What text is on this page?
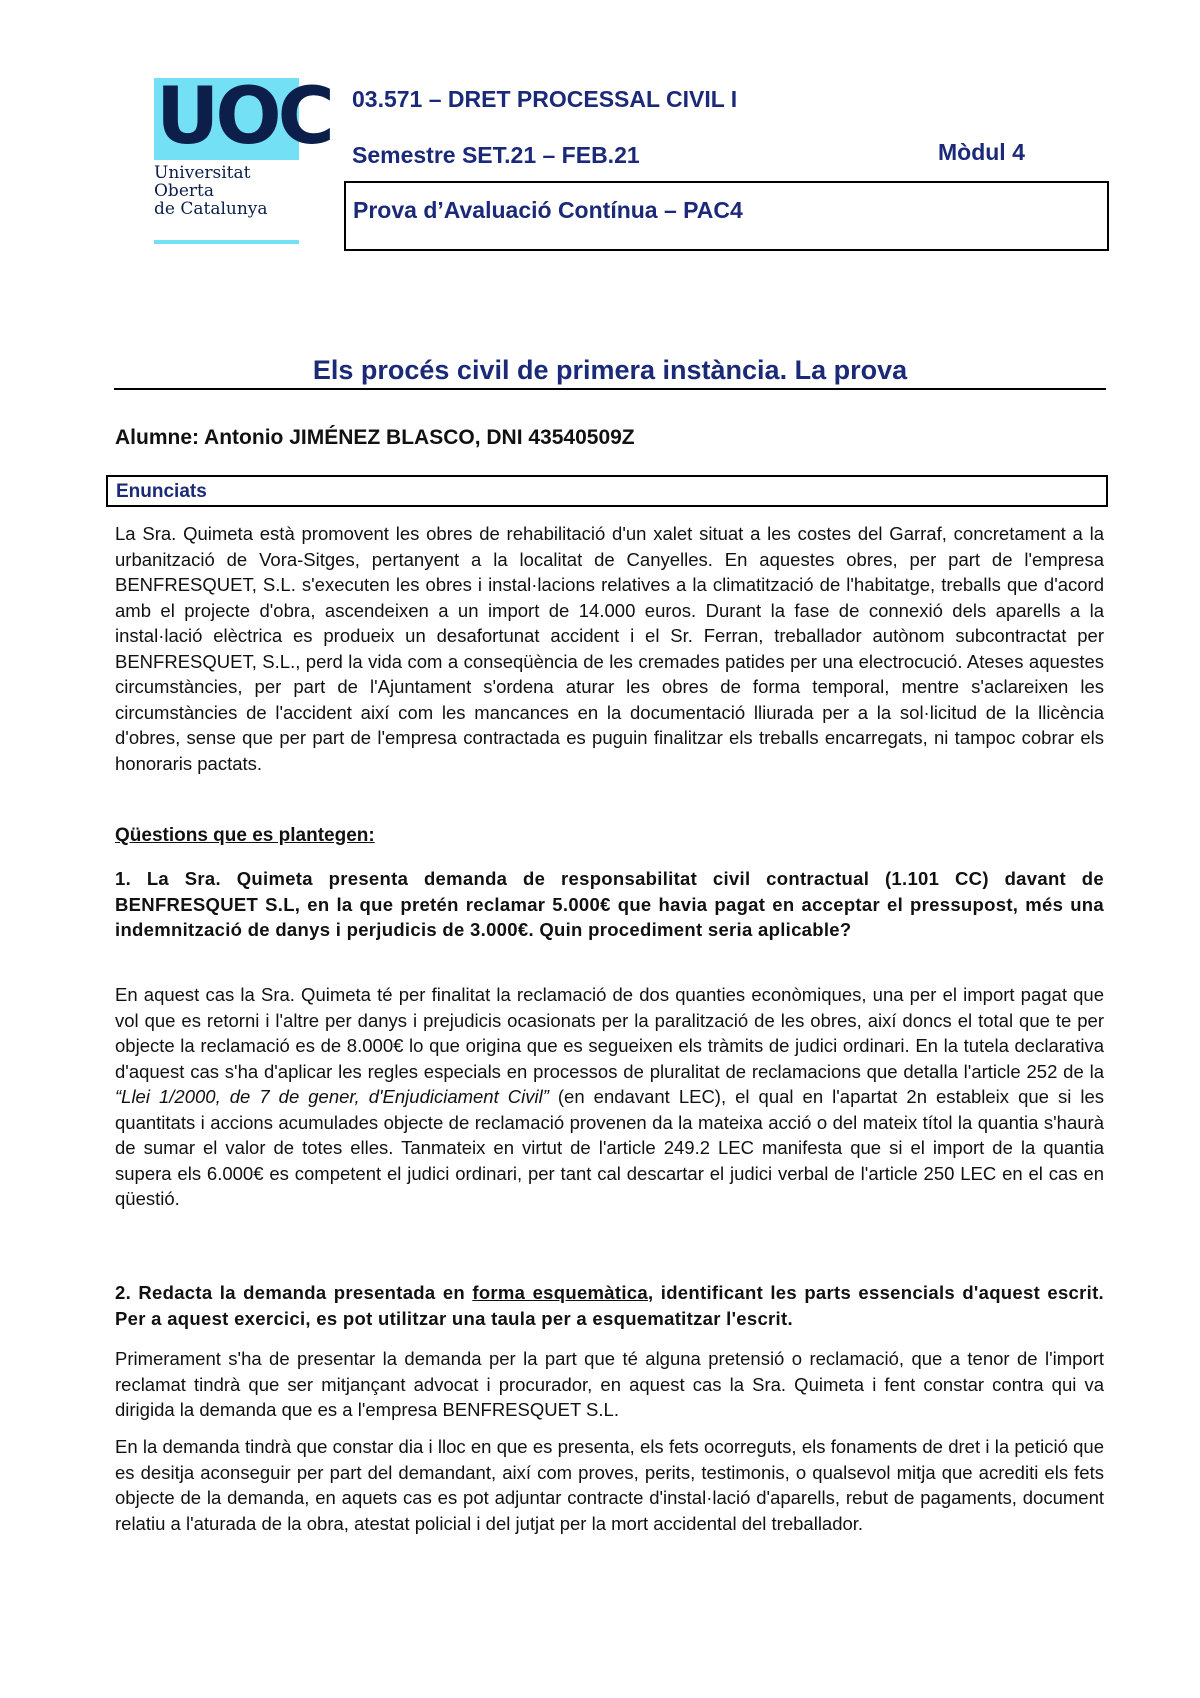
UOC
Universitat
Oberta
de Catalunya
03.571 – DRET PROCESSAL CIVIL I
Semestre SET.21 – FEB.21	Mòdul 4
Prova d’Avaluació Contínua – PAC4
Els procés civil de primera instància. La prova
Alumne: Antonio JIMÉNEZ BLASCO, DNI 43540509Z
Enunciats
La Sra. Quimeta està promovent les obres de rehabilitació d'un xalet situat a les costes del Garraf, concretament a la urbanització de Vora-Sitges, pertanyent a la localitat de Canyelles. En aquestes obres, per part de l'empresa BENFRESQUET, S.L. s'executen les obres i instal·lacions relatives a la climatització de l'habitatge, treballs que d'acord amb el projecte d'obra, ascendeixen a un import de 14.000 euros. Durant la fase de connexió dels aparells a la instal·lació elèctrica es produeix un desafortunat accident i el Sr. Ferran, treballador autònom subcontractat per BENFRESQUET, S.L., perd la vida com a conseqüència de les cremades patides per una electrocució. Ateses aquestes circumstàncies, per part de l'Ajuntament s'ordena aturar les obres de forma temporal, mentre s'aclareixen les circumstàncies de l'accident així com les mancances en la documentació lliurada per a la sol·licitud de la llicència d'obres, sense que per part de l'empresa contractada es puguin finalitzar els treballs encarregats, ni tampoc cobrar els honoraris pactats.
Qüestions que es plantegen:
1. La Sra. Quimeta presenta demanda de responsabilitat civil contractual (1.101 CC) davant de BENFRESQUET S.L, en la que pretén reclamar 5.000€ que havia pagat en acceptar el pressupost, més una indemnització de danys i perjudicis de 3.000€. Quin procediment seria aplicable?
En aquest cas la Sra. Quimeta té per finalitat la reclamació de dos quanties econòmiques, una per el import pagat que vol que es retorni i l'altre per danys i prejudicis ocasionats per la paralització de les obres, així doncs el total que te per objecte la reclamació es de 8.000€ lo que origina que es segueixen els tràmits de judici ordinari. En la tutela declarativa d'aquest cas s'ha d'aplicar les regles especials en processos de pluralitat de reclamacions que detalla l'article 252 de la “Llei 1/2000, de 7 de gener, d'Enjudiciament Civil” (en endavant LEC), el qual en l'apartat 2n estableix que si les quantitats i accions acumulades objecte de reclamació provenen da la mateixa acció o del mateix títol la quantia s'haurà de sumar el valor de totes elles. Tanmateix en virtut de l'article 249.2 LEC manifesta que si el import de la quantia supera els 6.000€ es competent el judici ordinari, per tant cal descartar el judici verbal de l'article 250 LEC en el cas en qüestió.
2. Redacta la demanda presentada en forma esquemàtica, identificant les parts essencials d'aquest escrit. Per a aquest exercici, es pot utilitzar una taula per a esquematitzar l'escrit.
Primerament s'ha de presentar la demanda per la part que té alguna pretensió o reclamació, que a tenor de l'import reclamat tindrà que ser mitjançant advocat i procurador, en aquest cas la Sra. Quimeta i fent constar contra qui va dirigida la demanda que es a l'empresa BENFRESQUET S.L.
En la demanda tindrà que constar dia i lloc en que es presenta, els fets ocorreguts, els fonaments de dret i la petició que es desitja aconseguir per part del demandant, així com proves, perits, testimonis, o qualsevol mitja que acrediti els fets objecte de la demanda, en aquets cas es pot adjuntar contracte d'instal·lació d'aparells, rebut de pagaments, document relatiu a l'aturada de la obra, atestat policial i del jutjat per la mort accidental del treballador.
